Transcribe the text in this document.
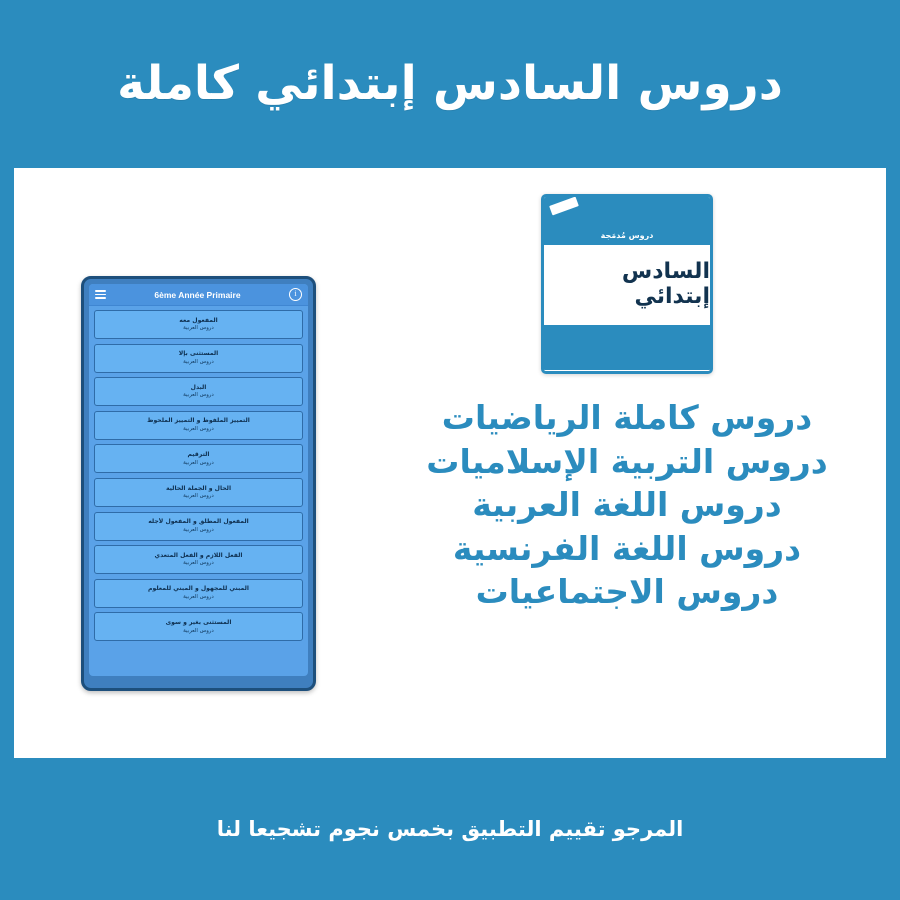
دروس السادس إبتدائي كاملة
6ème Année Primaire	i
المفعول معه
دروس العربية
المستثنى بإلا
دروس العربية
البدل
دروس العربية
التمييز الملفوظ و التمييز الملحوظ
دروس العربية
الترقيم
دروس العربية
الحال و الجملة الحالية
دروس العربية
المفعول المطلق و المفعول لأجله
دروس العربية
الفعل اللازم و الفعل المتعدي
دروس العربية
المبني للمجهول و المبني للمعلوم
دروس العربية
المستثنى بغير و سوى
دروس العربية
دروس مُدمَجة
السادس إبتدائي
دروس كاملة الرياضيات
دروس التربية الإسلاميات
دروس اللغة العربية
دروس اللغة الفرنسية
دروس الاجتماعيات
المرجو تقييم التطبيق بخمس نجوم تشجيعا لنا
